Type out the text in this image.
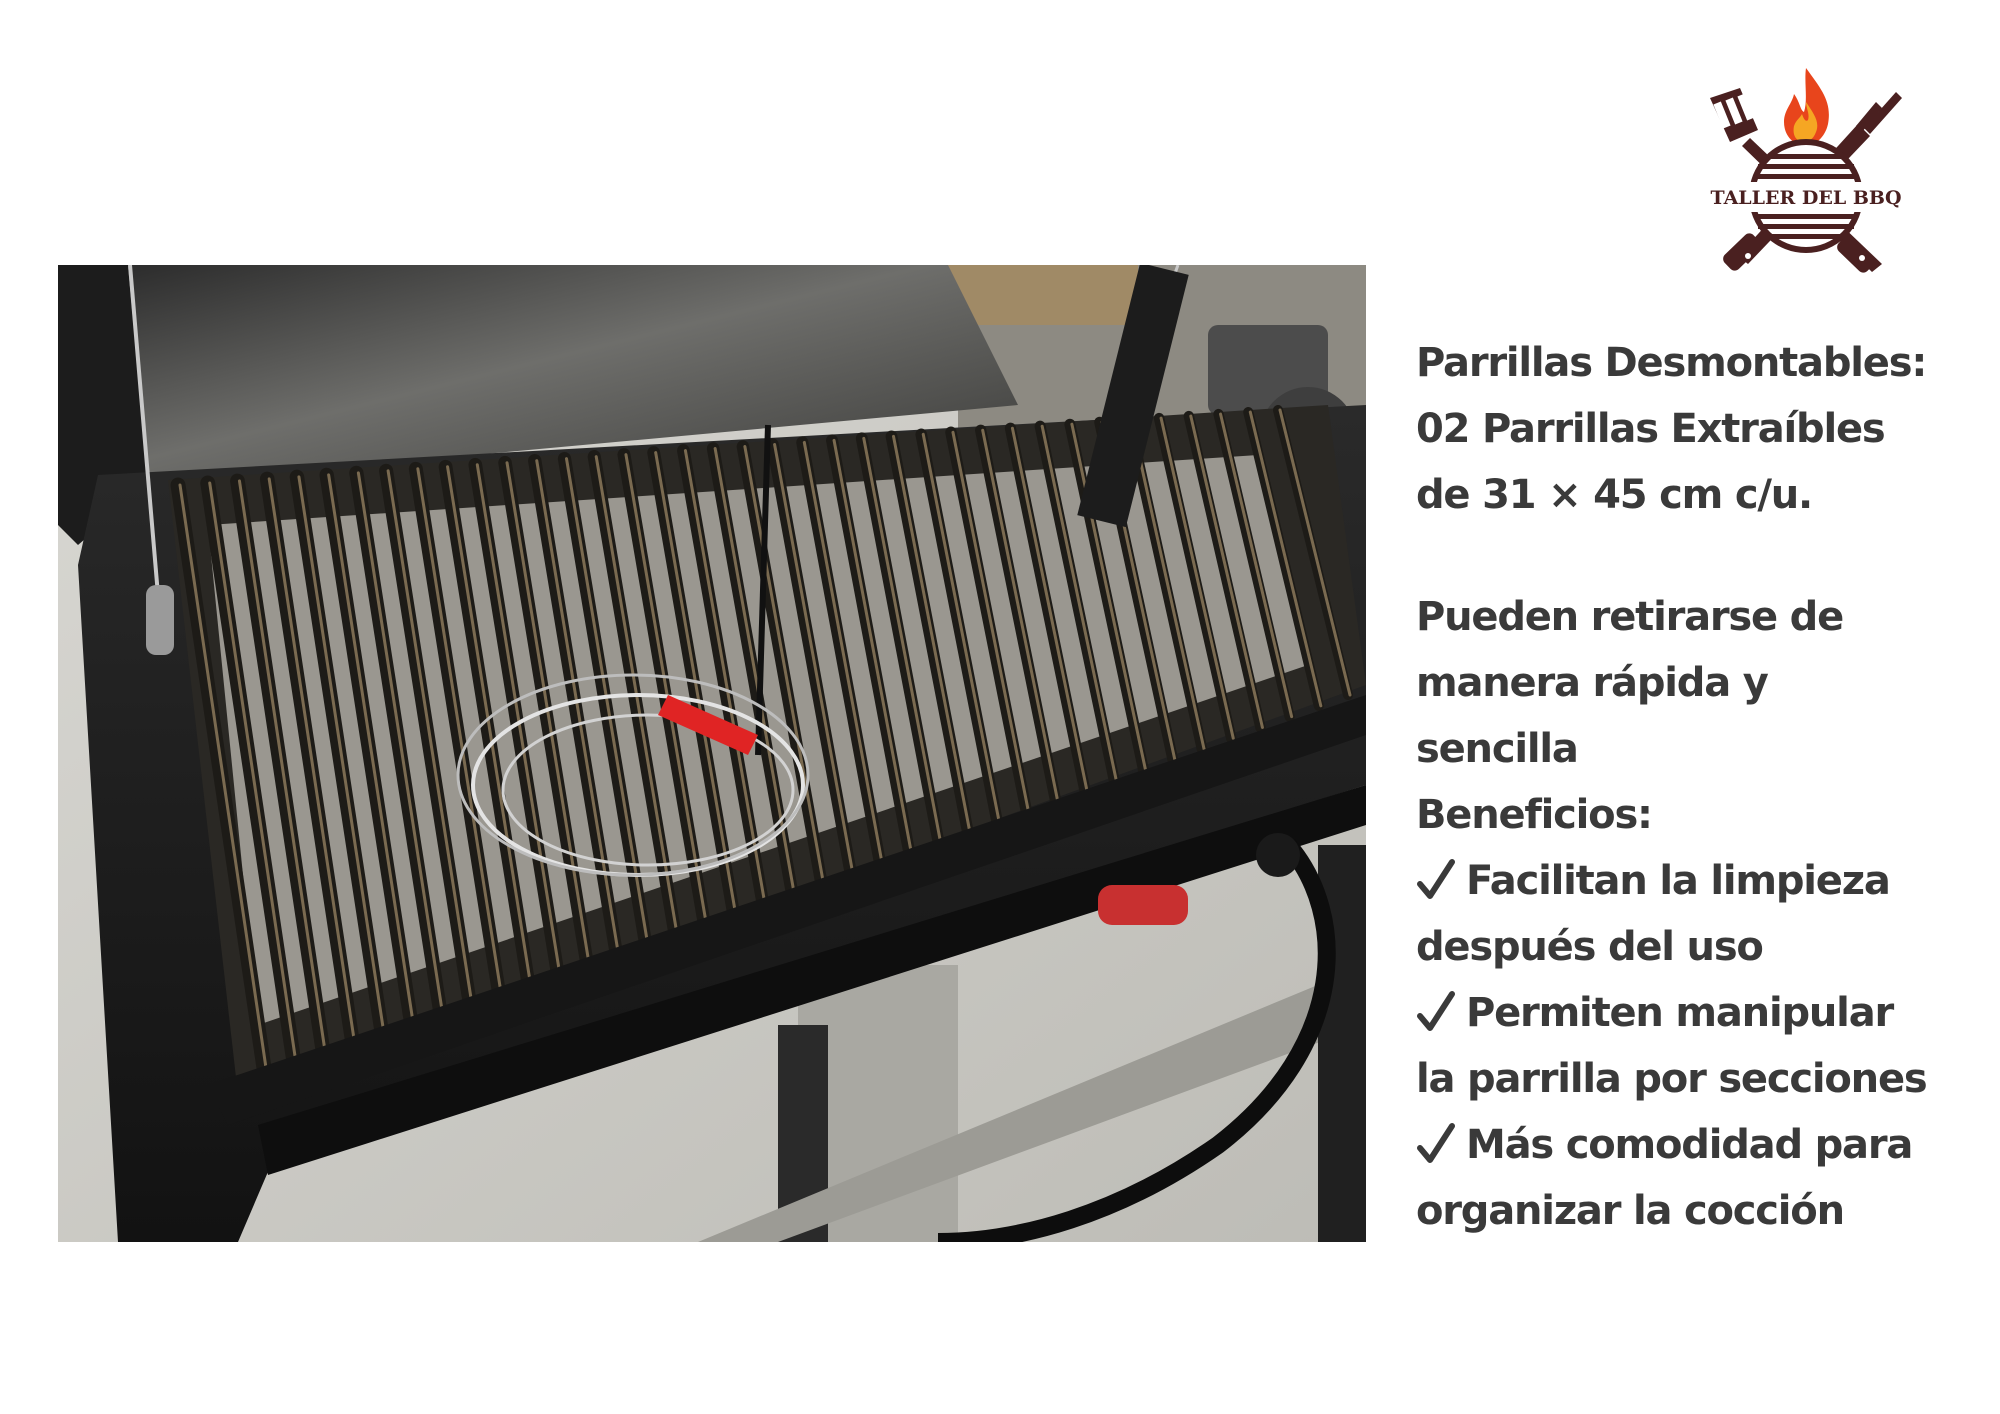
TALLER DEL BBQ
Parrillas Desmontables:
02 Parrillas Extraíbles
de 31 × 45 cm c/u.
Pueden retirarse de
manera rápida y
sencilla
Beneficios:
Facilitan la limpieza
después del uso
Permiten manipular
la parrilla por secciones
Más comodidad para
organizar la cocción
